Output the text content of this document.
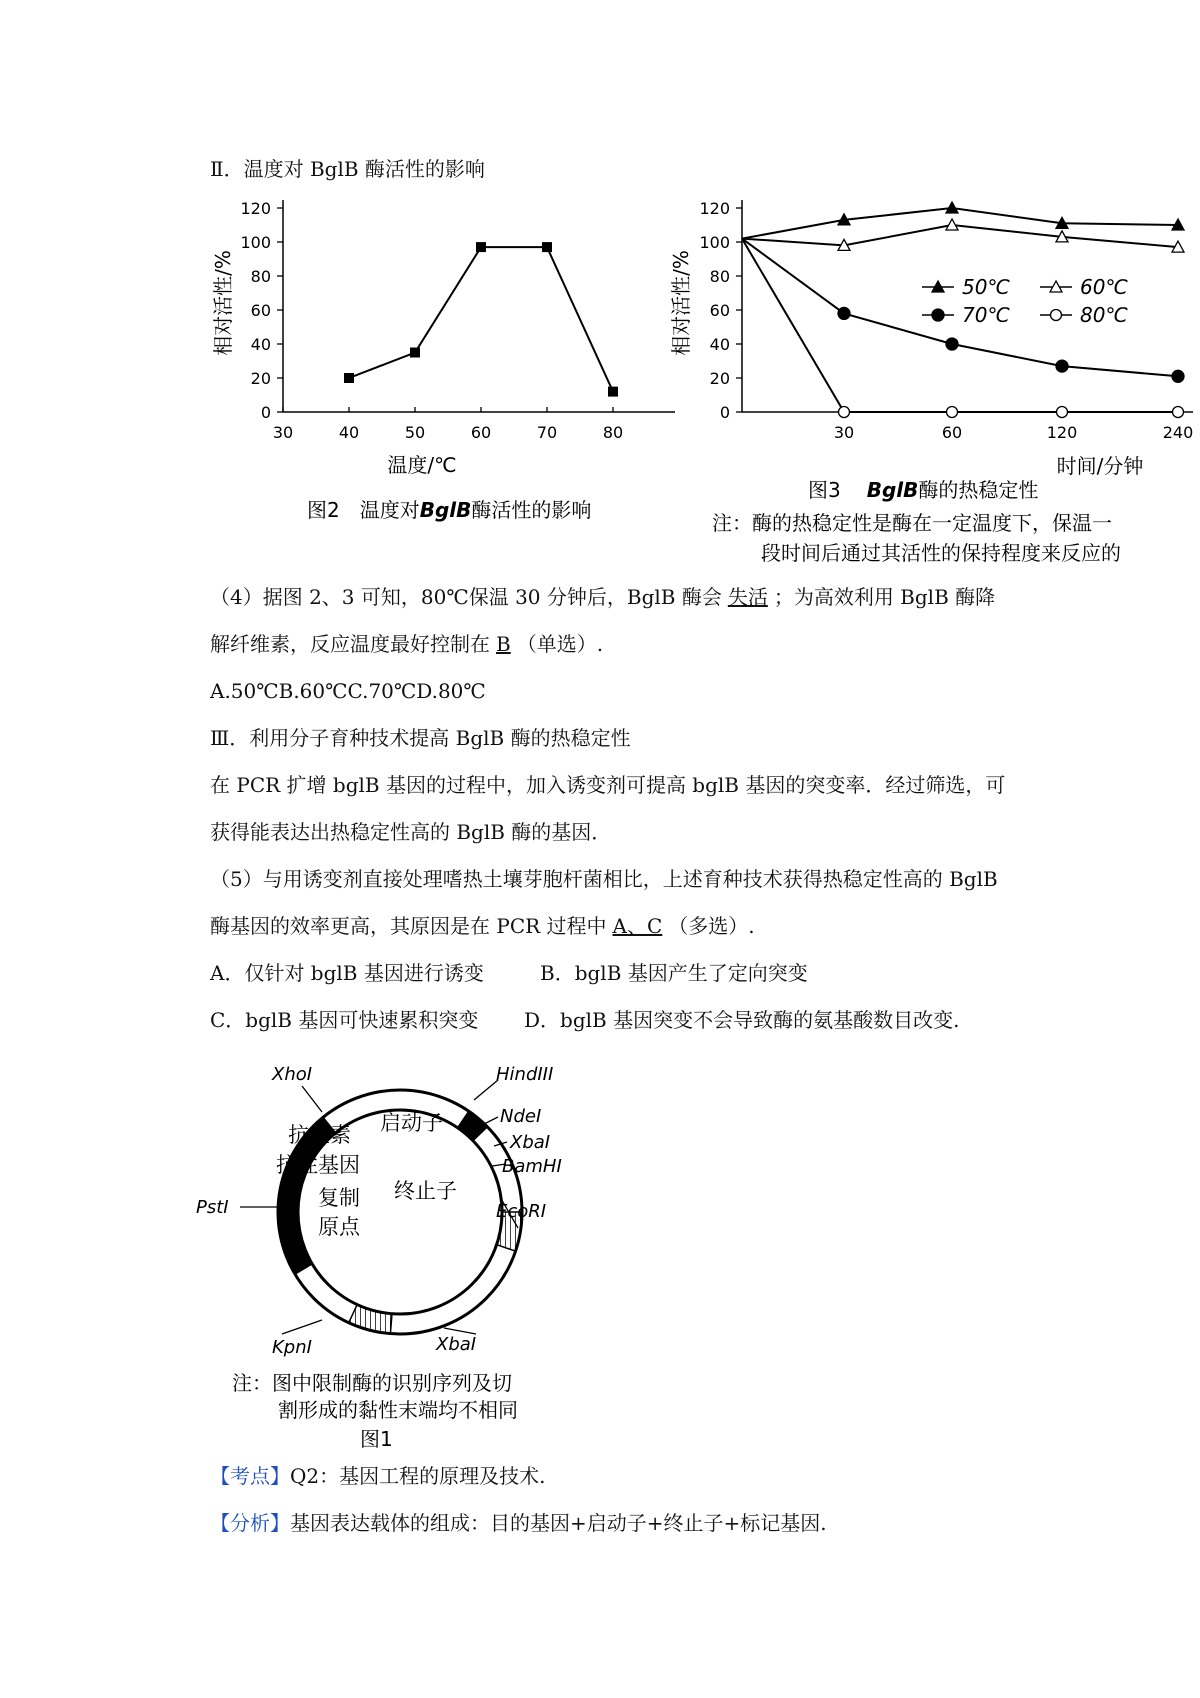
Ⅱ．温度对 BglB 酶活性的影响
0
20
40
60
80
100
120
30	40	50	60	70	80
相对活性/%
温度/℃
图2　温度对BglB酶活性的影响
0
20
40
60
80
100
120
30	60	120	240
相对活性/%
时间/分钟
50℃	60℃
70℃	80℃
图3 BglB酶的热稳定性
注：酶的热稳定性是酶在一定温度下，保温一
段时间后通过其活性的保持程度来反应的
（4）据图 2、3 可知，80℃保温 30 分钟后，BglB 酶会 失活 ；为高效利用 BglB 酶降
解纤维素，反应温度最好控制在 B （单选）.
A.50℃B.60℃C.70℃D.80℃
Ⅲ．利用分子育种技术提高 BglB 酶的热稳定性
在 PCR 扩增 bglB 基因的过程中，加入诱变剂可提高 bglB 基因的突变率．经过筛选，可
获得能表达出热稳定性高的 BglB 酶的基因．
（5）与用诱变剂直接处理嗜热土壤芽胞杆菌相比，上述育种技术获得热稳定性高的 BglB
酶基因的效率更高，其原因是在 PCR 过程中 A、C （多选）.
A．仅针对 bglB 基因进行诱变	B．bglB 基因产生了定向突变
C．bglB 基因可快速累积突变 D．bglB 基因突变不会导致酶的氨基酸数目改变.
XhoI	HindIII
NdeI
XbaI
BamHI
EcoRI
XbaI
KpnI
PstI
启动子
终止子
抗生素
抗性基因
复制
原点
注：图中限制酶的识别序列及切
割形成的黏性末端均不相同
图1
【考点】Q2：基因工程的原理及技术.
【分析】基因表达载体的组成：目的基因+启动子+终止子+标记基因.
